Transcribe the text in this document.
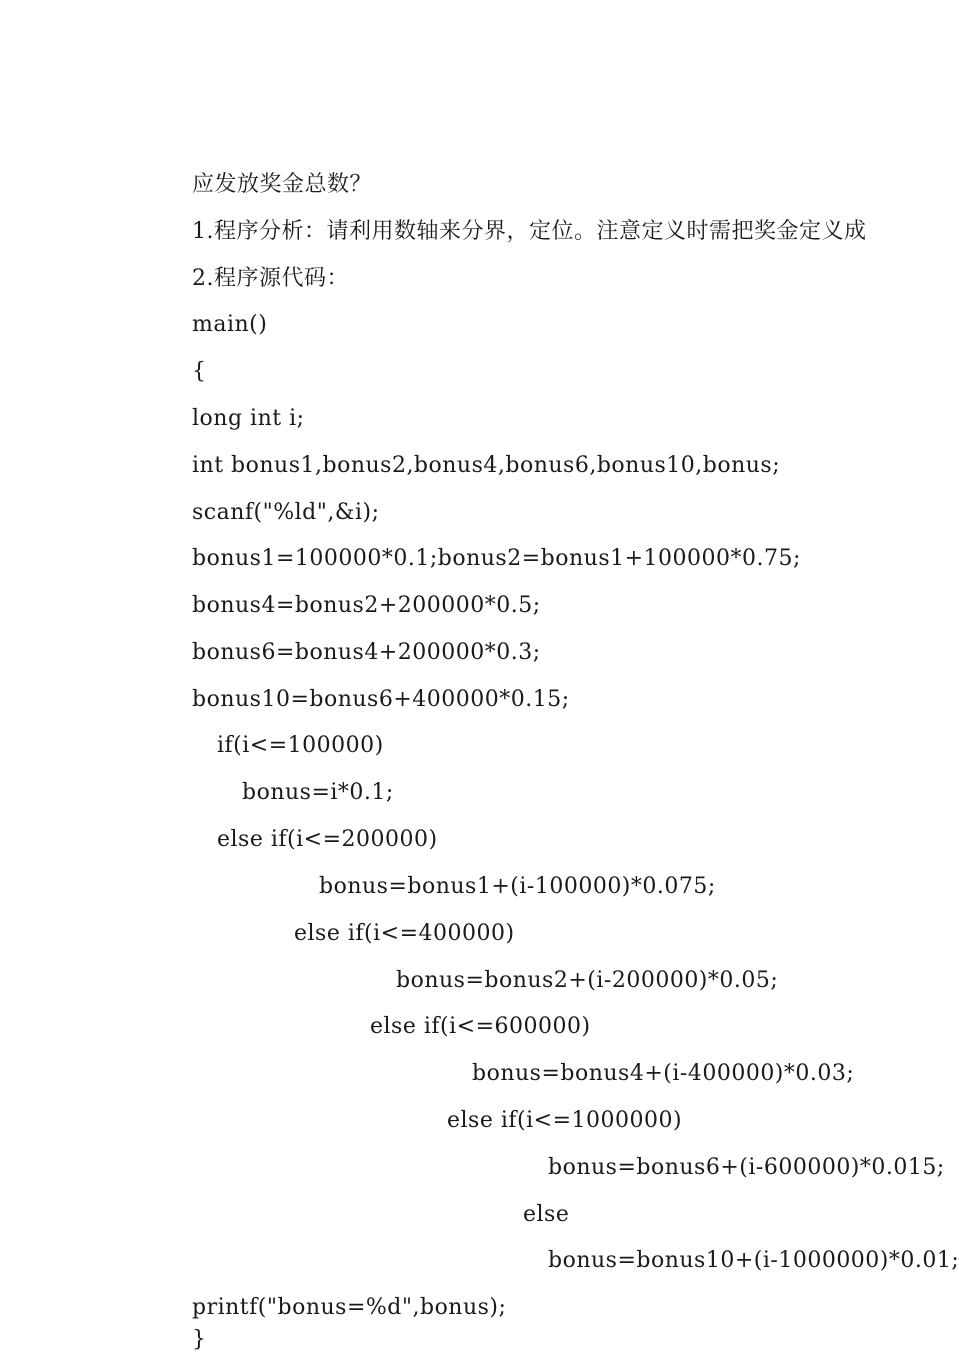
应发放奖金总数？
1.程序分析：请利用数轴来分界，定位。注意定义时需把奖金定义成
2.程序源代码：
main()
{
long int i;
int bonus1,bonus2,bonus4,bonus6,bonus10,bonus;
scanf("%ld",&i);
bonus1=100000*0.1;bonus2=bonus1+100000*0.75;
bonus4=bonus2+200000*0.5;
bonus6=bonus4+200000*0.3;
bonus10=bonus6+400000*0.15;
if(i<=100000)
bonus=i*0.1;
else if(i<=200000)
bonus=bonus1+(i-100000)*0.075;
else if(i<=400000)
bonus=bonus2+(i-200000)*0.05;
else if(i<=600000)
bonus=bonus4+(i-400000)*0.03;
else if(i<=1000000)
bonus=bonus6+(i-600000)*0.015;
else
bonus=bonus10+(i-1000000)*0.01;
printf("bonus=%d",bonus);
}
